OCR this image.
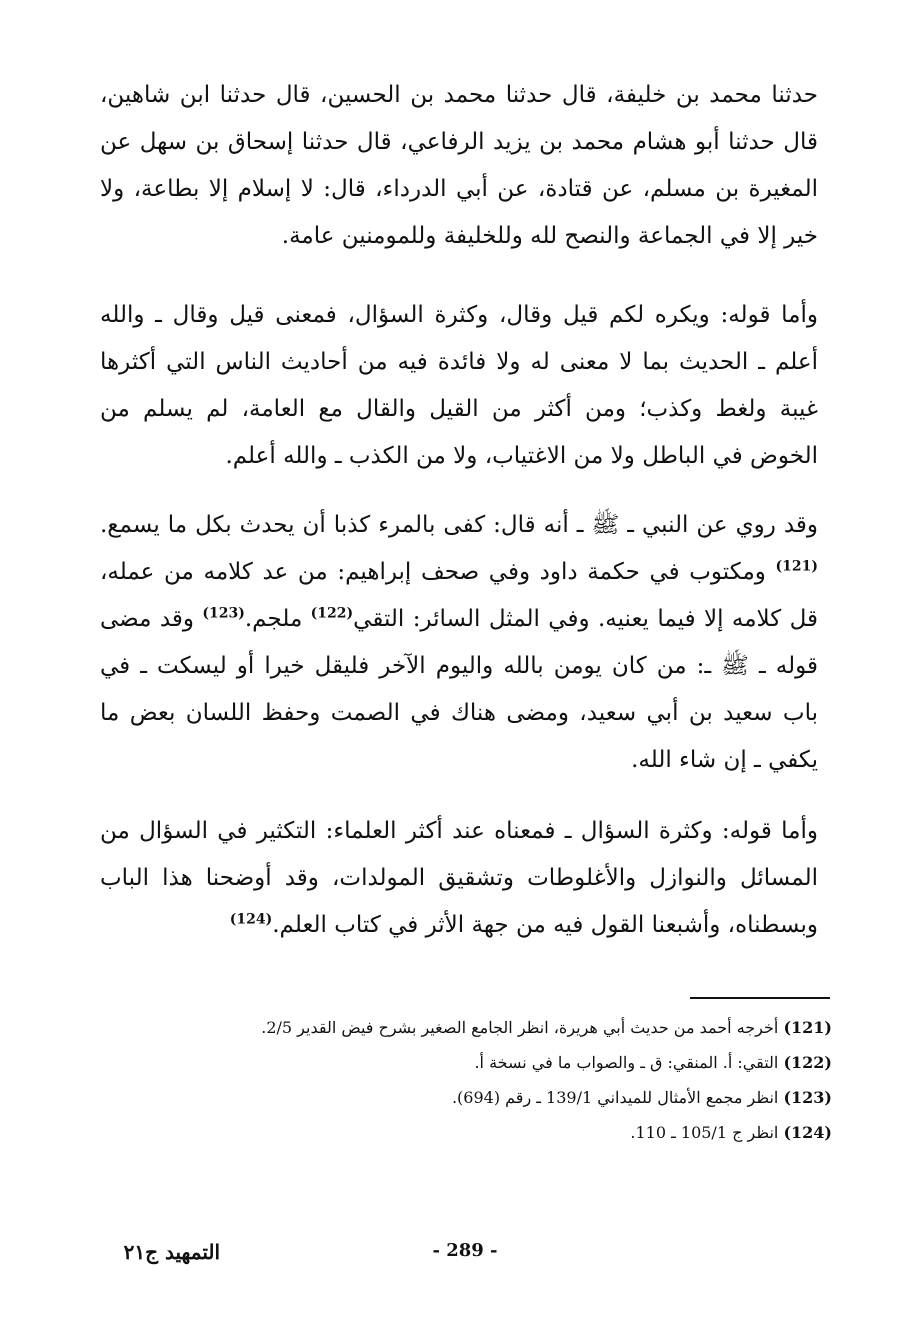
حدثنا محمد بن خليفة، قال حدثنا محمد بن الحسين، قال حدثنا ابن شاهين، قال حدثنا أبو هشام محمد بن يزيد الرفاعي، قال حدثنا إسحاق بن سهل عن المغيرة بن مسلم، عن قتادة، عن أبي الدرداء، قال: لا إسلام إلا بطاعة، ولا خير إلا في الجماعة والنصح لله وللخليفة وللمومنين عامة.

وأما قوله: ويكره لكم قيل وقال، وكثرة السؤال، فمعنى قيل وقال ـ والله أعلم ـ الحديث بما لا معنى له ولا فائدة فيه من أحاديث الناس التي أكثرها غيبة ولغط وكذب؛ ومن أكثر من القيل والقال مع العامة، لم يسلم من الخوض في الباطل ولا من الاغتياب، ولا من الكذب ـ والله أعلم.

وقد روي عن النبي ـ ﷺ ـ أنه قال: كفى بالمرء كذبا أن يحدث بكل ما يسمع.$^{(121)}$ ومكتوب في حكمة داود وفي صحف إبراهيم: من عد كلامه من عمله، قل كلامه إلا فيما يعنيه. وفي المثل السائر: التقي$^{(122)}$ ملجم.$^{(123)}$ وقد مضى قوله ـ ﷺ ـ: من كان يومن بالله واليوم الآخر فليقل خيرا أو ليسكت ـ في باب سعيد بن أبي سعيد، ومضى هناك في الصمت وحفظ اللسان بعض ما يكفي ـ إن شاء الله.

وأما قوله: وكثرة السؤال ـ فمعناه عند أكثر العلماء: التكثير في السؤال من المسائل والنوازل والأغلوطات وتشقيق المولدات، وقد أوضحنا هذا الباب وبسطناه، وأشبعنا القول فيه من جهة الأثر في كتاب العلم.$^{(124)}$

(121) أخرجه أحمد من حديث أبي هريرة، انظر الجامع الصغير بشرح فيض القدير 2/5.
(122) التقي: أ. المنقي: ق ـ والصواب ما في نسخة أ.
(123) انظر مجمع الأمثال للميداني 139/1 ـ رقم (694).
(124) انظر ج 105/1 ـ 110.
- 289 -
التمهيد ج٢١
